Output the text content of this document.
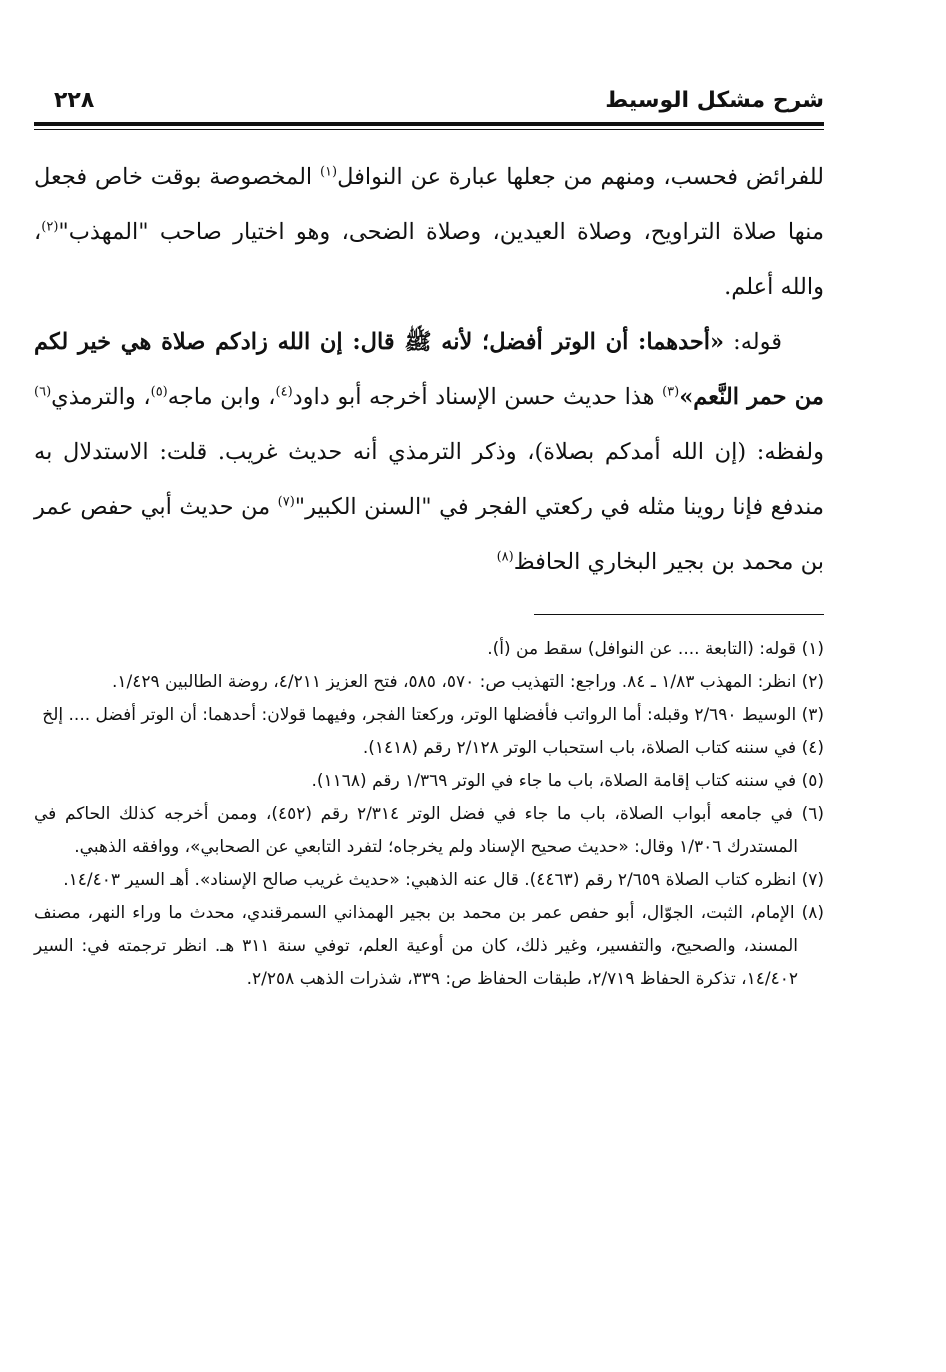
شرح مشكل الوسيط
٢٢٨

للفرائض فحسب، ومنهم من جعلها عبارة عن النوافل$^{(١)}$ المخصوصة بوقت خاص فجعل منها صلاة التراويح، وصلاة العيدين، وصلاة الضحى، وهو اختيار صاحب "المهذب"$^{(٢)}$، والله أعلم.

قوله: «أحدهما: أن الوتر أفضل؛ لأنه ﷺ قال: إن الله زادكم صلاة هي خير لكم من حمر النَّعم»$^{(٣)}$ هذا حديث حسن الإسناد أخرجه أبو داود$^{(٤)}$، وابن ماجه$^{(٥)}$، والترمذي$^{(٦)}$ ولفظه: (إن الله أمدكم بصلاة)، وذكر الترمذي أنه حديث غريب. قلت: الاستدلال به مندفع فإنا روينا مثله في ركعتي الفجر في "السنن الكبير"$^{(٧)}$ من حديث أبي حفص عمر بن محمد بن بجير البخاري الحافظ$^{(٨)}$

(١) قوله: (التابعة .... عن النوافل) سقط من (أ).
(٢) انظر: المهذب ١/٨٣ ـ ٨٤. وراجع: التهذيب ص: ٥٧٠، ٥٨٥، فتح العزيز ٤/٢١١، روضة الطالبين ١/٤٢٩.
(٣) الوسيط ٢/٦٩٠ وقبله: أما الرواتب فأفضلها الوتر، وركعتا الفجر، وفيهما قولان: أحدهما: أن الوتر أفضل .... إلخ
(٤) في سننه كتاب الصلاة، باب استحباب الوتر ٢/١٢٨ رقم (١٤١٨).
(٥) في سننه كتاب إقامة الصلاة، باب ما جاء في الوتر ١/٣٦٩ رقم (١١٦٨).
(٦) في جامعه أبواب الصلاة، باب ما جاء في فضل الوتر ٢/٣١٤ رقم (٤٥٢)، وممن أخرجه كذلك الحاكم في المستدرك ١/٣٠٦ وقال: «حديث صحيح الإسناد ولم يخرجاه؛ لتفرد التابعي عن الصحابي»، ووافقه الذهبي.
(٧) انظره كتاب الصلاة ٢/٦٥٩ رقم (٤٤٦٣). قال عنه الذهبي: «حديث غريب صالح الإسناد». أهـ السير ١٤/٤٠٣.
(٨) الإمام، الثبت، الجوّال، أبو حفص عمر بن محمد بن بجير الهمذاني السمرقندي، محدث ما وراء النهر، مصنف المسند، والصحيح، والتفسير، وغير ذلك، كان من أوعية العلم، توفي سنة ٣١١ هـ. انظر ترجمته في: السير ١٤/٤٠٢، تذكرة الحفاظ ٢/٧١٩، طبقات الحفاظ ص: ٣٣٩، شذرات الذهب ٢/٢٥٨.
